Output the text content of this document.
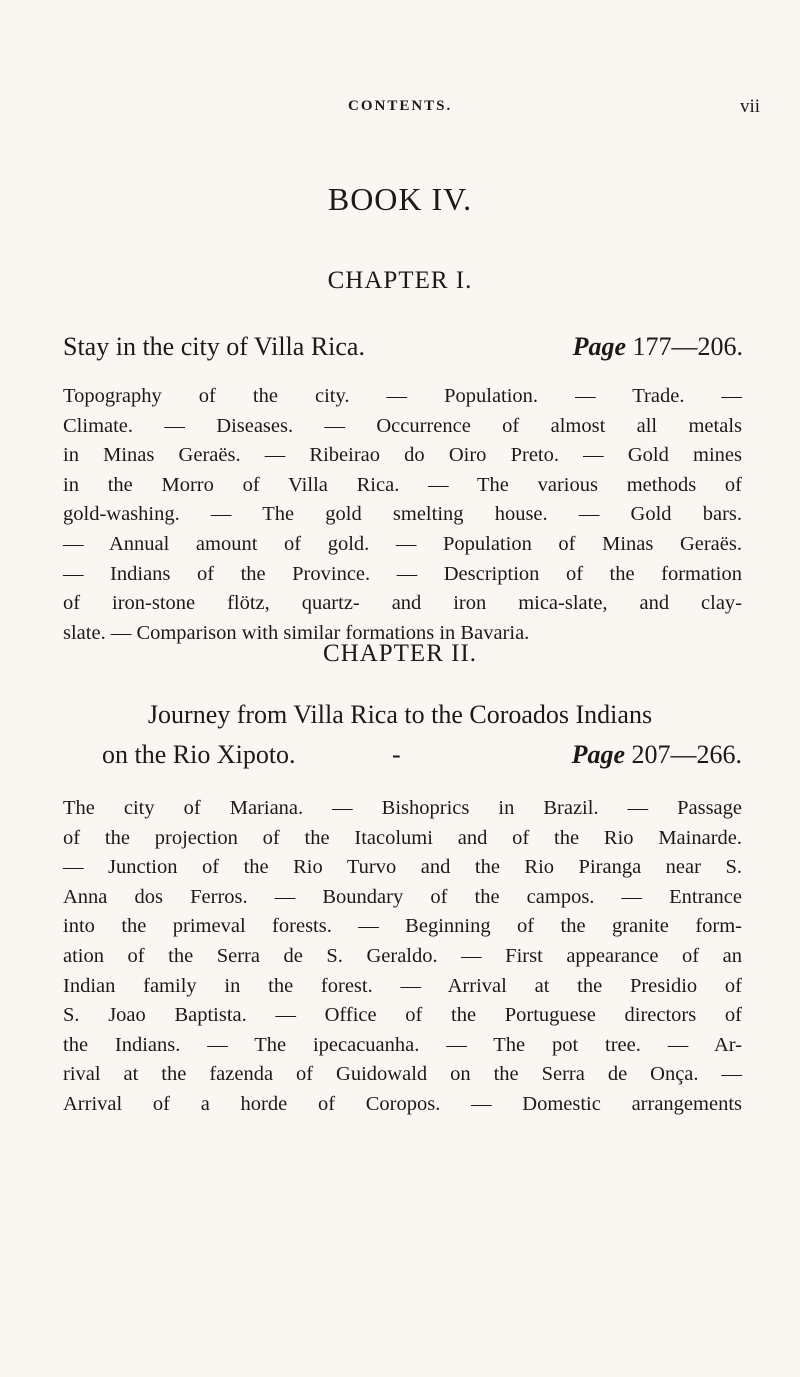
CONTENTS.	vii
BOOK IV.
CHAPTER I.
Stay in the city of Villa Rica.	Page 177—206.
Topography of the city. — Population. — Trade. —
Climate. — Diseases. — Occurrence of almost all metals
in Minas Geraës. — Ribeirao do Oiro Preto. — Gold mines
in the Morro of Villa Rica. — The various methods of
gold-washing. — The gold smelting house. — Gold bars.
— Annual amount of gold. — Population of Minas Geraës.
— Indians of the Province. — Description of the formation
of iron-stone flötz, quartz- and iron mica-slate, and clay-
slate. — Comparison with similar formations in Bavaria.
CHAPTER II.
Journey from Villa Rica to the Coroados Indians
on the Rio Xipoto.	-	Page 207—266.
The city of Mariana. — Bishoprics in Brazil. — Passage
of the projection of the Itacolumi and of the Rio Mainarde.
— Junction of the Rio Turvo and the Rio Piranga near S.
Anna dos Ferros. — Boundary of the campos. — Entrance
into the primeval forests. — Beginning of the granite form-
ation of the Serra de S. Geraldo. — First appearance of an
Indian family in the forest. — Arrival at the Presidio of
S. Joao Baptista. — Office of the Portuguese directors of
the Indians. — The ipecacuanha. — The pot tree. — Ar-
rival at the fazenda of Guidowald on the Serra de Onça. —
Arrival of a horde of Coropos. — Domestic arrangements
